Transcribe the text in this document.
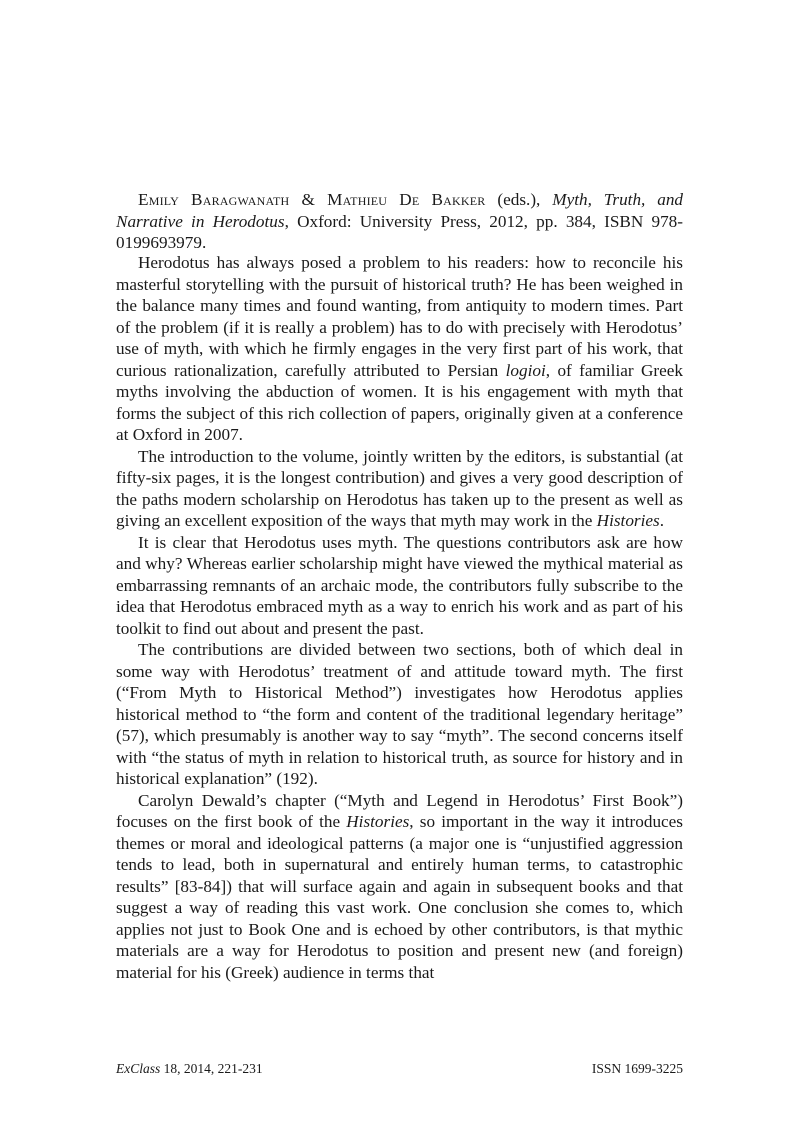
Emily Baragwanath & Mathieu De Bakker (eds.), Myth, Truth, and Narrative in Herodotus, Oxford: University Press, 2012, pp. 384, ISBN 978-0199693979.

Herodotus has always posed a problem to his readers: how to reconcile his masterful storytelling with the pursuit of historical truth? He has been weighed in the balance many times and found wanting, from antiquity to modern times. Part of the problem (if it is really a problem) has to do with precisely with Herodotus’ use of myth, with which he firmly engages in the very first part of his work, that curious rationalization, carefully attributed to Persian logioi, of familiar Greek myths involving the abduction of women. It is his engagement with myth that forms the subject of this rich collection of papers, originally given at a conference at Oxford in 2007.

The introduction to the volume, jointly written by the editors, is substantial (at fifty-six pages, it is the longest contribution) and gives a very good description of the paths modern scholarship on Herodotus has taken up to the present as well as giving an excellent exposition of the ways that myth may work in the Histories.

It is clear that Herodotus uses myth. The questions contributors ask are how and why? Whereas earlier scholarship might have viewed the mythical material as embarrassing remnants of an archaic mode, the contributors fully subscribe to the idea that Herodotus embraced myth as a way to enrich his work and as part of his toolkit to find out about and present the past.

The contributions are divided between two sections, both of which deal in some way with Herodotus’ treatment of and attitude toward myth. The first (“From Myth to Historical Method”) investigates how Herodotus applies historical method to “the form and content of the traditional legendary heritage” (57), which presumably is another way to say “myth”. The second concerns itself with “the status of myth in relation to historical truth, as source for history and in historical explanation” (192).

Carolyn Dewald’s chapter (“Myth and Legend in Herodotus’ First Book”) focuses on the first book of the Histories, so important in the way it introduces themes or moral and ideological patterns (a major one is “unjustified aggression tends to lead, both in supernatural and entirely human terms, to catastrophic results” [83-84]) that will surface again and again in subsequent books and that suggest a way of reading this vast work. One conclusion she comes to, which applies not just to Book One and is echoed by other contributors, is that mythic materials are a way for Herodotus to position and present new (and foreign) material for his (Greek) audience in terms that

ExClass 18, 2014, 221-231	ISSN 1699-3225
